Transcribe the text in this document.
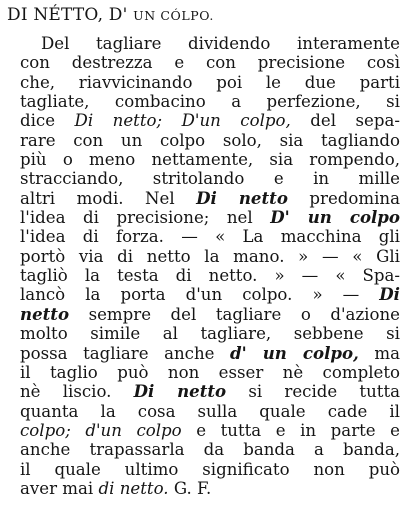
DI NÉTTO, D' UN CÓLPO.
Del tagliare dividendo interamente
con destrezza e con precisione così
che, riavvicinando poi le due parti
tagliate, combacino a perfezione, si
dice Di netto; D'un colpo, del sepa-
rare con un colpo solo, sia tagliando
più o meno nettamente, sia rompendo,
stracciando, stritolando e in mille
altri modi. Nel Di netto predomina
l'idea di precisione; nel D' un colpo
l'idea di forza. — « La macchina gli
portò via di netto la mano. » — « Gli
tagliò la testa di netto. » — « Spa-
lancò la porta d'un colpo. » — Di
netto sempre del tagliare o d'azione
molto simile al tagliare, sebbene si
possa tagliare anche d' un colpo, ma
il taglio può non esser nè completo
nè liscio. Di netto si recide tutta
quanta la cosa sulla quale cade il
colpo; d'un colpo e tutta e in parte e
anche trapassarla da banda a banda,
il quale ultimo significato non può
aver mai di netto. G. F.
